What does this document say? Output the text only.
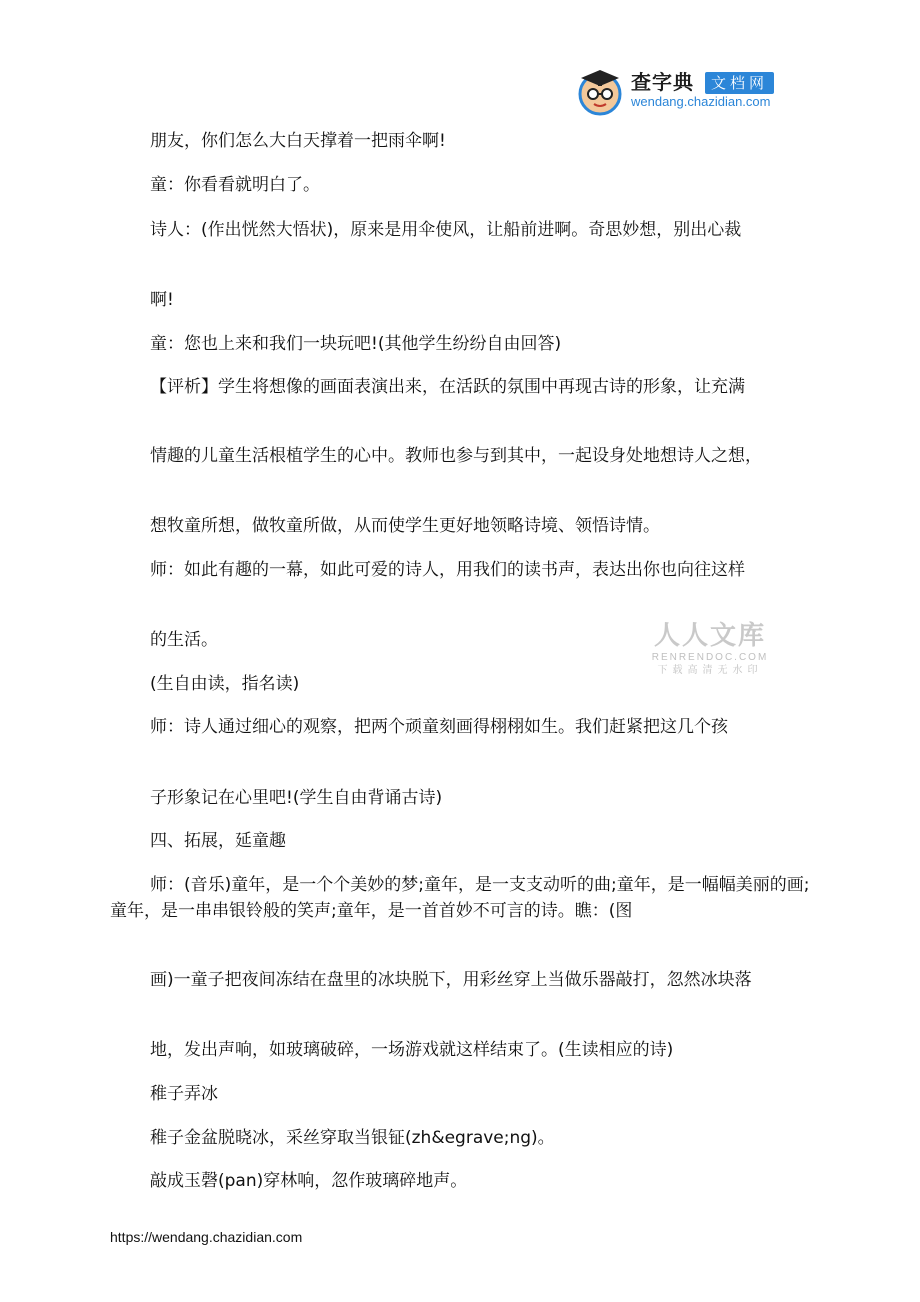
查字典	文档网
wendang.chazidian.com

朋友，你们怎么大白天撑着一把雨伞啊!

童：你看看就明白了。

诗人：(作出恍然大悟状)，原来是用伞使风，让船前进啊。奇思妙想，别出心裁

啊!

童：您也上来和我们一块玩吧!(其他学生纷纷自由回答)

【评析】学生将想像的画面表演出来，在活跃的氛围中再现古诗的形象，让充满

情趣的儿童生活根植学生的心中。教师也参与到其中，一起设身处地想诗人之想，

想牧童所想，做牧童所做，从而使学生更好地领略诗境、领悟诗情。

师：如此有趣的一幕，如此可爱的诗人，用我们的读书声，表达出你也向往这样

的生活。

(生自由读，指名读)

师：诗人通过细心的观察，把两个顽童刻画得栩栩如生。我们赶紧把这几个孩

子形象记在心里吧!(学生自由背诵古诗)

四、拓展，延童趣

师：(音乐)童年，是一个个美妙的梦;童年，是一支支动听的曲;童年，是一幅幅美丽的画;童年，是一串串银铃般的笑声;童年，是一首首妙不可言的诗。瞧：(图

画)一童子把夜间冻结在盘里的冰块脱下，用彩丝穿上当做乐器敲打，忽然冰块落

地，发出声响，如玻璃破碎，一场游戏就这样结束了。(生读相应的诗)

稚子弄冰

稚子金盆脱晓冰，采丝穿取当银钲(zh&egrave;ng)。

敲成玉磬(pan)穿林响，忽作玻璃碎地声。

人人文库
RENRENDOC.COM
下载高清无水印
https://wendang.chazidian.com
